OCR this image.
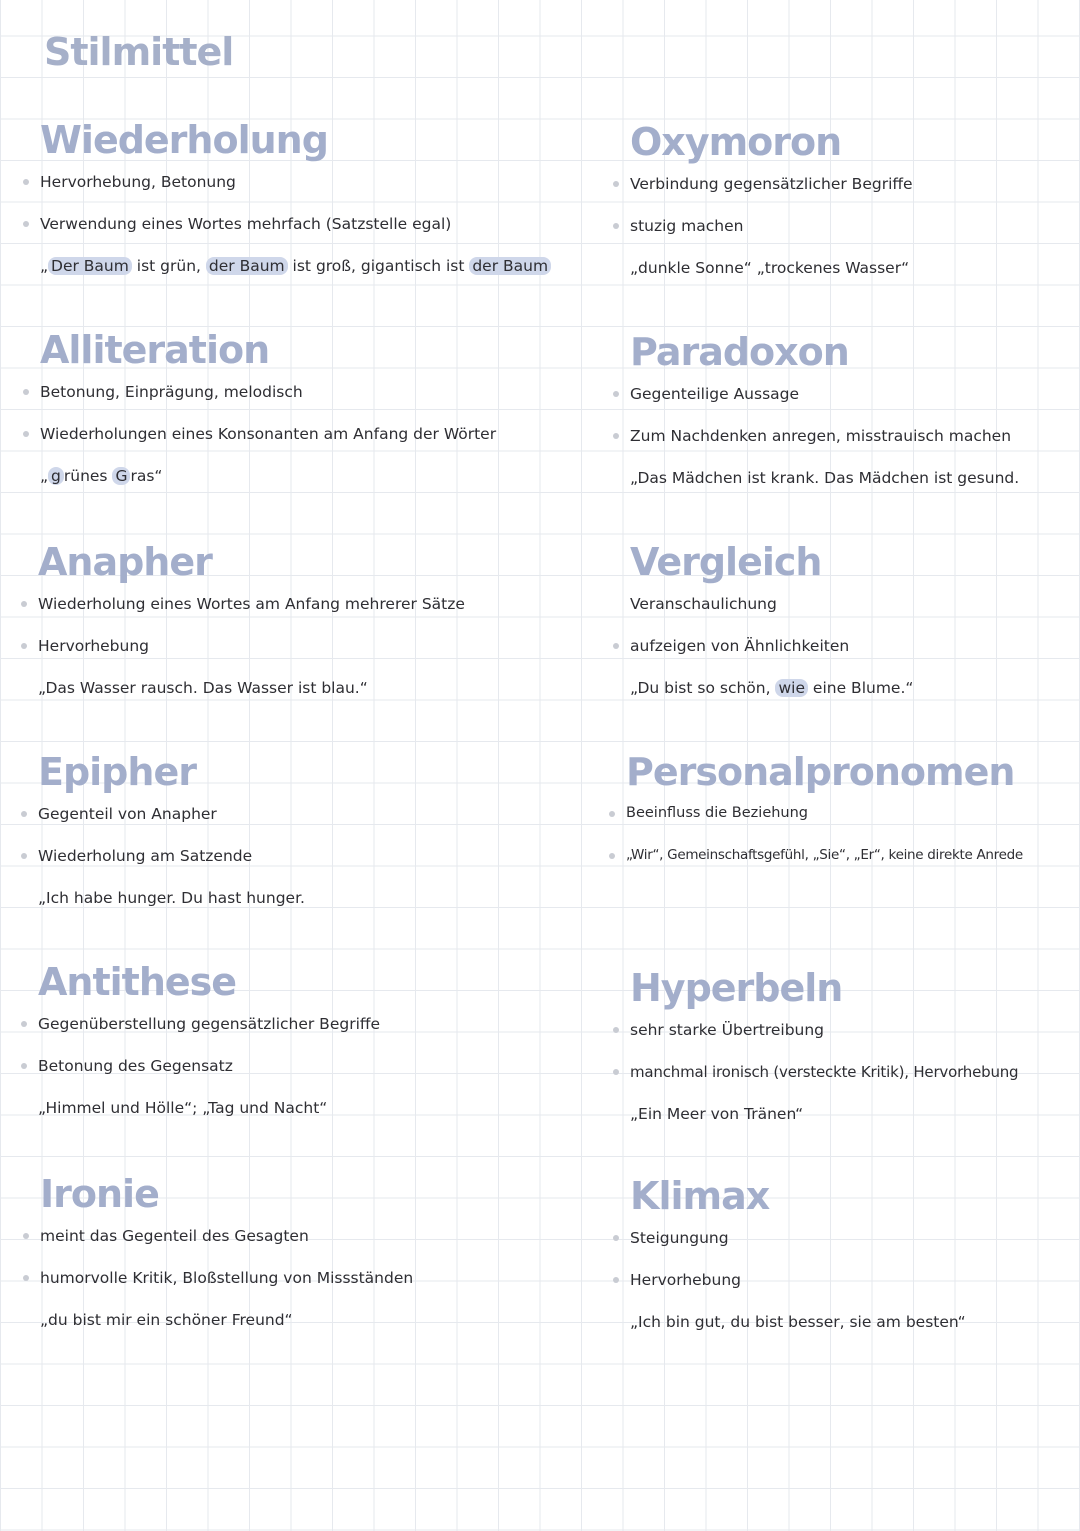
Stilmittel
Wiederholung
Hervorhebung, Betonung
Verwendung eines Wortes mehrfach (Satzstelle egal)
„ Der Baum ist grün, der Baum ist groß, gigantisch ist der Baum
Alliteration
Betonung, Einprägung, melodisch
Wiederholungen eines Konsonanten am Anfang der Wörter
„ g rünes G ras“
Anapher
Wiederholung eines Wortes am Anfang mehrerer Sätze
Hervorhebung
„Das Wasser rausch. Das Wasser ist blau.“
Epipher
Gegenteil von Anapher
Wiederholung am Satzende
„Ich habe hunger. Du hast hunger.
Antithese
Gegenüberstellung gegensätzlicher Begriffe
Betonung des Gegensatz
„Himmel und Hölle“; „Tag und Nacht“
Ironie
meint das Gegenteil des Gesagten
humorvolle Kritik, Bloßstellung von Missständen
„du bist mir ein schöner Freund“
Oxymoron
Verbindung gegensätzlicher Begriffe
stuzig machen
„dunkle Sonne“ „trockenes Wasser“
Paradoxon
Gegenteilige Aussage
Zum Nachdenken anregen, misstrauisch machen
„Das Mädchen ist krank. Das Mädchen ist gesund.
Vergleich
Veranschaulichung
aufzeigen von Ähnlichkeiten
„Du bist so schön, wie eine Blume.“
Personalpronomen
Beeinfluss die Beziehung
„Wir“, Gemeinschaftsgefühl, „Sie“, „Er“, keine direkte Anrede
Hyperbeln
sehr starke Übertreibung
manchmal ironisch (versteckte Kritik), Hervorhebung
„Ein Meer von Tränen“
Klimax
Steigungung
Hervorhebung
„Ich bin gut, du bist besser, sie am besten“
